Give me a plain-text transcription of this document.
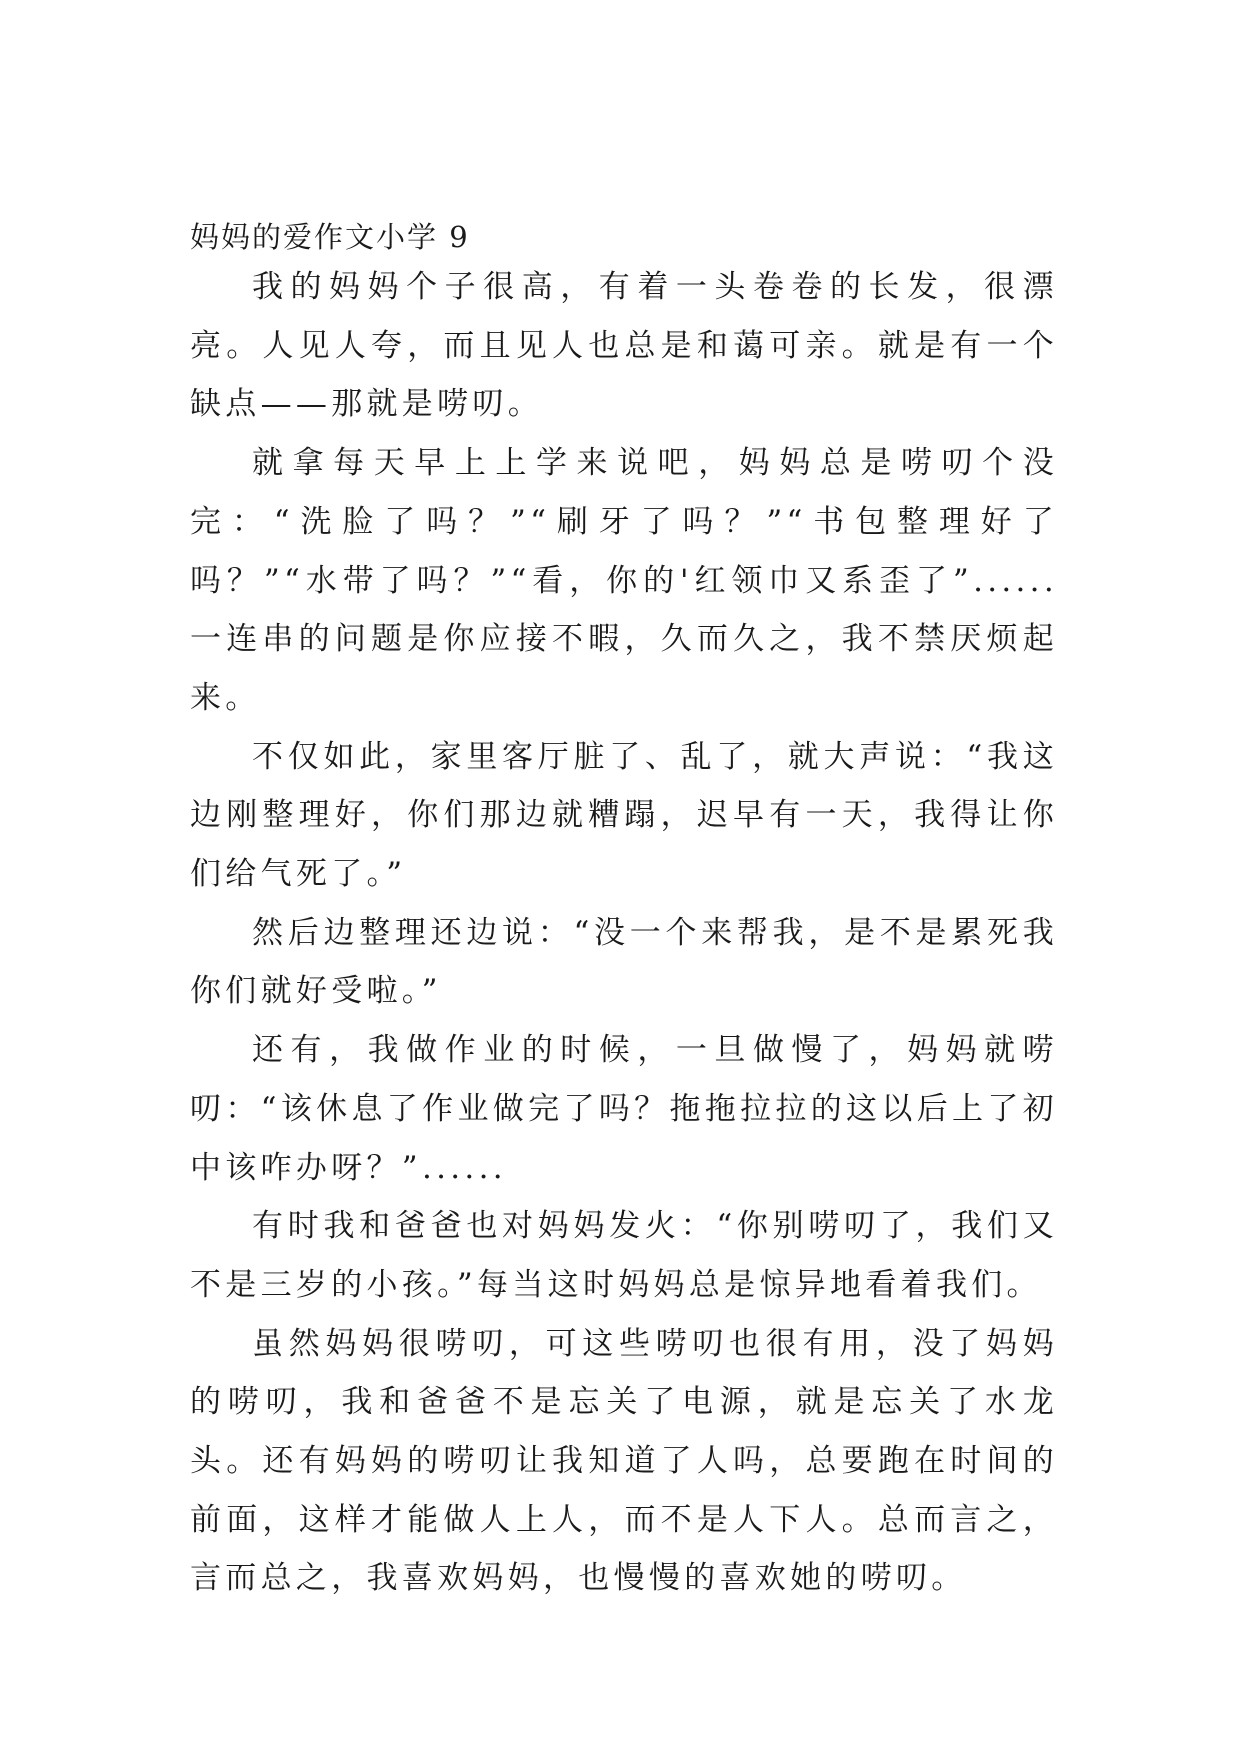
妈妈的爱作文小学 9

我的妈妈个子很高，有着一头卷卷的长发，很漂亮。人见人夸，而且见人也总是和蔼可亲。就是有一个缺点——那就是唠叨。

就拿每天早上上学来说吧，妈妈总是唠叨个没完：“洗脸了吗？”“刷牙了吗？”“书包整理好了吗？”“水带了吗？”“看，你的'红领巾又系歪了”......一连串的问题是你应接不暇，久而久之，我不禁厌烦起来。

不仅如此，家里客厅脏了、乱了，就大声说：“我这边刚整理好，你们那边就糟蹋，迟早有一天，我得让你们给气死了。”

然后边整理还边说：“没一个来帮我，是不是累死我你们就好受啦。”

还有，我做作业的时候，一旦做慢了，妈妈就唠叨：“该休息了作业做完了吗？拖拖拉拉的这以后上了初中该咋办呀？”......

有时我和爸爸也对妈妈发火：“你别唠叨了，我们又不是三岁的小孩。”每当这时妈妈总是惊异地看着我们。

虽然妈妈很唠叨，可这些唠叨也很有用，没了妈妈的唠叨，我和爸爸不是忘关了电源，就是忘关了水龙头。还有妈妈的唠叨让我知道了人吗，总要跑在时间的前面，这样才能做人上人，而不是人下人。总而言之，言而总之，我喜欢妈妈，也慢慢的喜欢她的唠叨。
